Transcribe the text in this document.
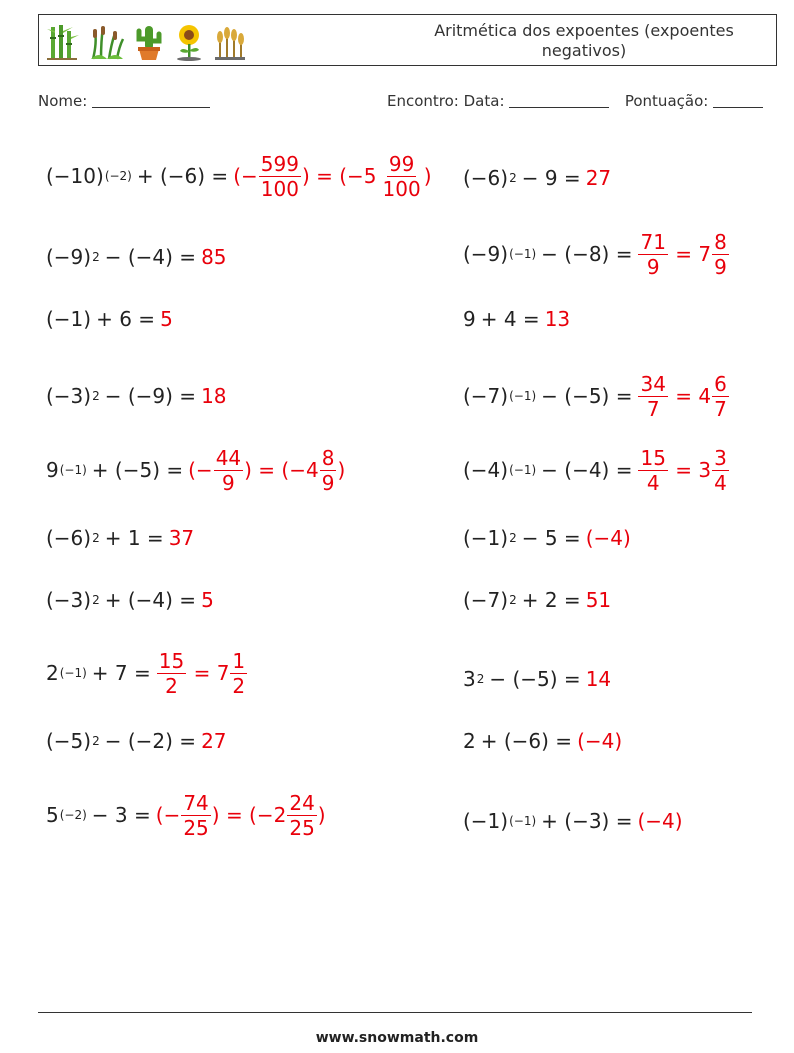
Aritmética dos expoentes (expoentes negativos)
Nome:	Encontro: Data:	Pontuação:
(−10) (−2) + (−6) = (− $\frac{599}{100}$ ) = ($-5 \frac{99}{100}$ )
(−9) 2 − (−4) = 85
(−1) + 6 = 5
(−3) 2 − (−9) = 18
9 (−1) + (−5) = (− $\frac{44}{9}$ ) = ($-4 \frac{8}{9}$ )
(−6) 2 + 1 = 37
(−3) 2 + (−4) = 5
2 $(-1) + 7 = \frac{15}{2} = 7 \frac{1}{2}$
(−5) 2 − (−2) = 27
5 (−2) − 3 = (− $\frac{74}{25}$ ) = ($-2 \frac{24}{25}$ )
(−6) 2 − 9 = 27
(−9) $(-1) - (-8) = \frac{71}{9} = 7 \frac{8}{9}$
9 + 4 = 13
(−7) $(-1) - (-5) = \frac{34}{7} = 4 \frac{6}{7}$
(−4) $(-1) - (-4) = \frac{15}{4} = 3 \frac{3}{4}$
(−1) 2 − 5 = (−4)
(−7) 2 + 2 = 51
3 2 − (−5) = 14
2 + (−6) = (−4)
(−1) (−1) + (−3) = (−4)
www.snowmath.com
